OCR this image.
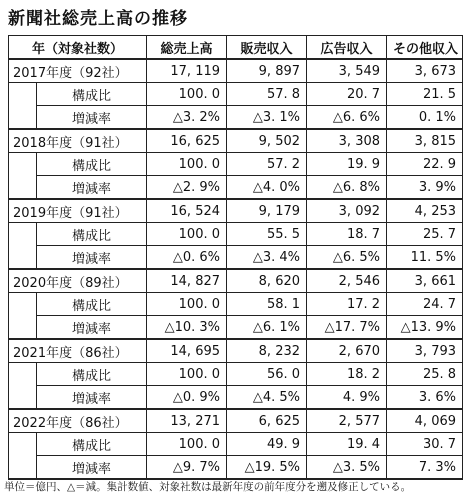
新聞社総売上高の推移
年（対象社数）		総売上高	販売収入	広告収入	その他収入
2017年度（92社）		17, 119	9, 897	3, 549	3, 673
	構成比	100. 0	57. 8	20. 7	21. 5
	増減率	△3. 2%	△3. 1%	△6. 6%	0. 1%
2018年度（91社）		16, 625	9, 502	3, 308	3, 815
	構成比	100. 0	57. 2	19. 9	22. 9
	増減率	△2. 9%	△4. 0%	△6. 8%	3. 9%
2019年度（91社）		16, 524	9, 179	3, 092	4, 253
	構成比	100. 0	55. 5	18. 7	25. 7
	増減率	△0. 6%	△3. 4%	△6. 5%	11. 5%
2020年度（89社）		14, 827	8, 620	2, 546	3, 661
	構成比	100. 0	58. 1	17. 2	24. 7
	増減率	△10. 3%	△6. 1%	△17. 7%	△13. 9%
2021年度（86社）		14, 695	8, 232	2, 670	3, 793
	構成比	100. 0	56. 0	18. 2	25. 8
	増減率	△0. 9%	△4. 5%	4. 9%	3. 6%
2022年度（86社）		13, 271	6, 625	2, 577	4, 069
	構成比	100. 0	49. 9	19. 4	30. 7
	増減率	△9. 7%	△19. 5%	△3. 5%	7. 3%
単位＝億円、△＝減。集計数値、対象社数は最新年度の前年度分を遡及修正している。
